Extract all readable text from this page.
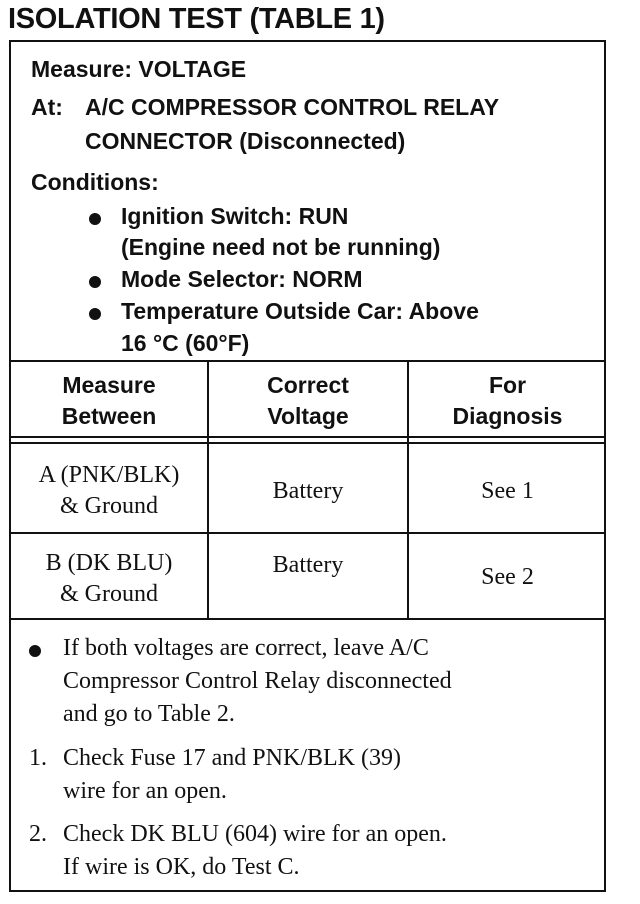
ISOLATION TEST (TABLE 1)
Measure: VOLTAGE
At: A/C COMPRESSOR CONTROL RELAY
CONNECTOR (Disconnected)
Conditions:
Ignition Switch: RUN
(Engine need not be running)
Mode Selector: NORM
Temperature Outside Car: Above
16 °C (60°F)
Measure
Between
Correct
Voltage
For
Diagnosis
A (PNK/BLK)
& Ground
Battery	See 1
B (DK BLU)
& Ground
Battery	See 2
If both voltages are correct, leave A/C
Compressor Control Relay disconnected
and go to Table 2.
1. Check Fuse 17 and PNK/BLK (39)
wire for an open.
2. Check DK BLU (604) wire for an open.
If wire is OK, do Test C.
